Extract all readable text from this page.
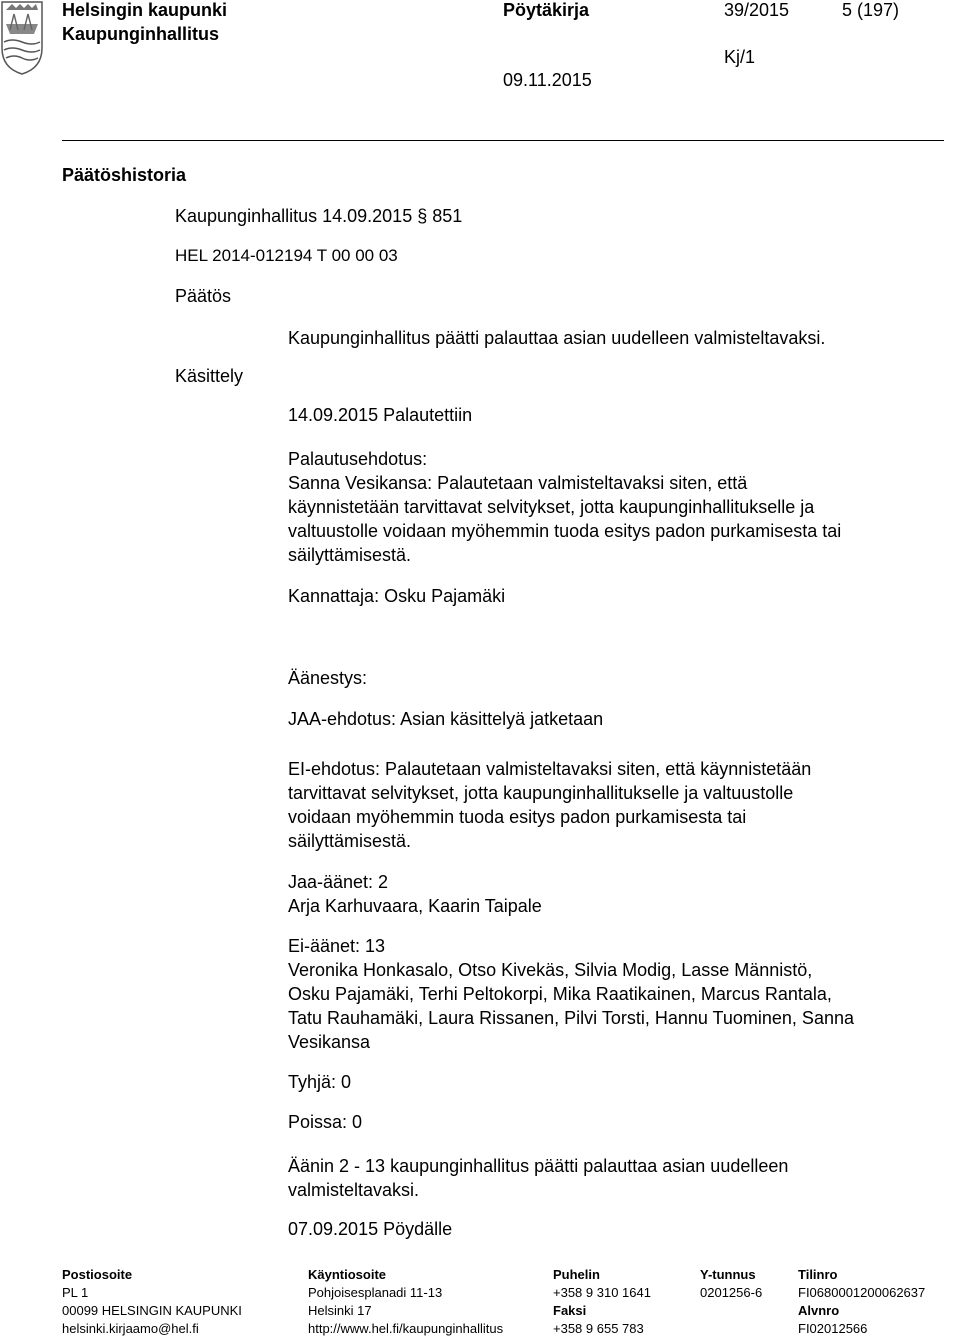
Helsingin kaupunki
Kaupunginhallitus
Pöytäkirja	39/2015	5 (197)
Kj/1
09.11.2015
Päätöshistoria
Kaupunginhallitus 14.09.2015 § 851
HEL 2014-012194 T 00 00 03
Päätös
Kaupunginhallitus päätti palauttaa asian uudelleen valmisteltavaksi.
Käsittely
14.09.2015 Palautettiin
Palautusehdotus:
Sanna Vesikansa: Palautetaan valmisteltavaksi siten, että
käynnistetään tarvittavat selvitykset, jotta kaupunginhallitukselle ja
valtuustolle voidaan myöhemmin tuoda esitys padon purkamisesta tai
säilyttämisestä.
Kannattaja: Osku Pajamäki
Äänestys:
JAA-ehdotus: Asian käsittelyä jatketaan
EI-ehdotus: Palautetaan valmisteltavaksi siten, että käynnistetään
tarvittavat selvitykset, jotta kaupunginhallitukselle ja valtuustolle
voidaan myöhemmin tuoda esitys padon purkamisesta tai
säilyttämisestä.
Jaa-äänet: 2
Arja Karhuvaara, Kaarin Taipale
Ei-äänet: 13
Veronika Honkasalo, Otso Kivekäs, Silvia Modig, Lasse Männistö,
Osku Pajamäki, Terhi Peltokorpi, Mika Raatikainen, Marcus Rantala,
Tatu Rauhamäki, Laura Rissanen, Pilvi Torsti, Hannu Tuominen, Sanna
Vesikansa
Tyhjä: 0
Poissa: 0
Äänin 2 - 13 kaupunginhallitus päätti palauttaa asian uudelleen
valmisteltavaksi.
07.09.2015 Pöydälle
Postiosoite
PL 1
00099 HELSINGIN KAUPUNKI
helsinki.kirjaamo@hel.fi
Käyntiosoite
Pohjoisesplanadi 11-13
Helsinki 17
http://www.hel.fi/kaupunginhallitus
Puhelin
+358 9 310 1641
Faksi
+358 9 655 783
Y-tunnus
0201256-6
Tilinro
FI0680001200062637
Alvnro
FI02012566
